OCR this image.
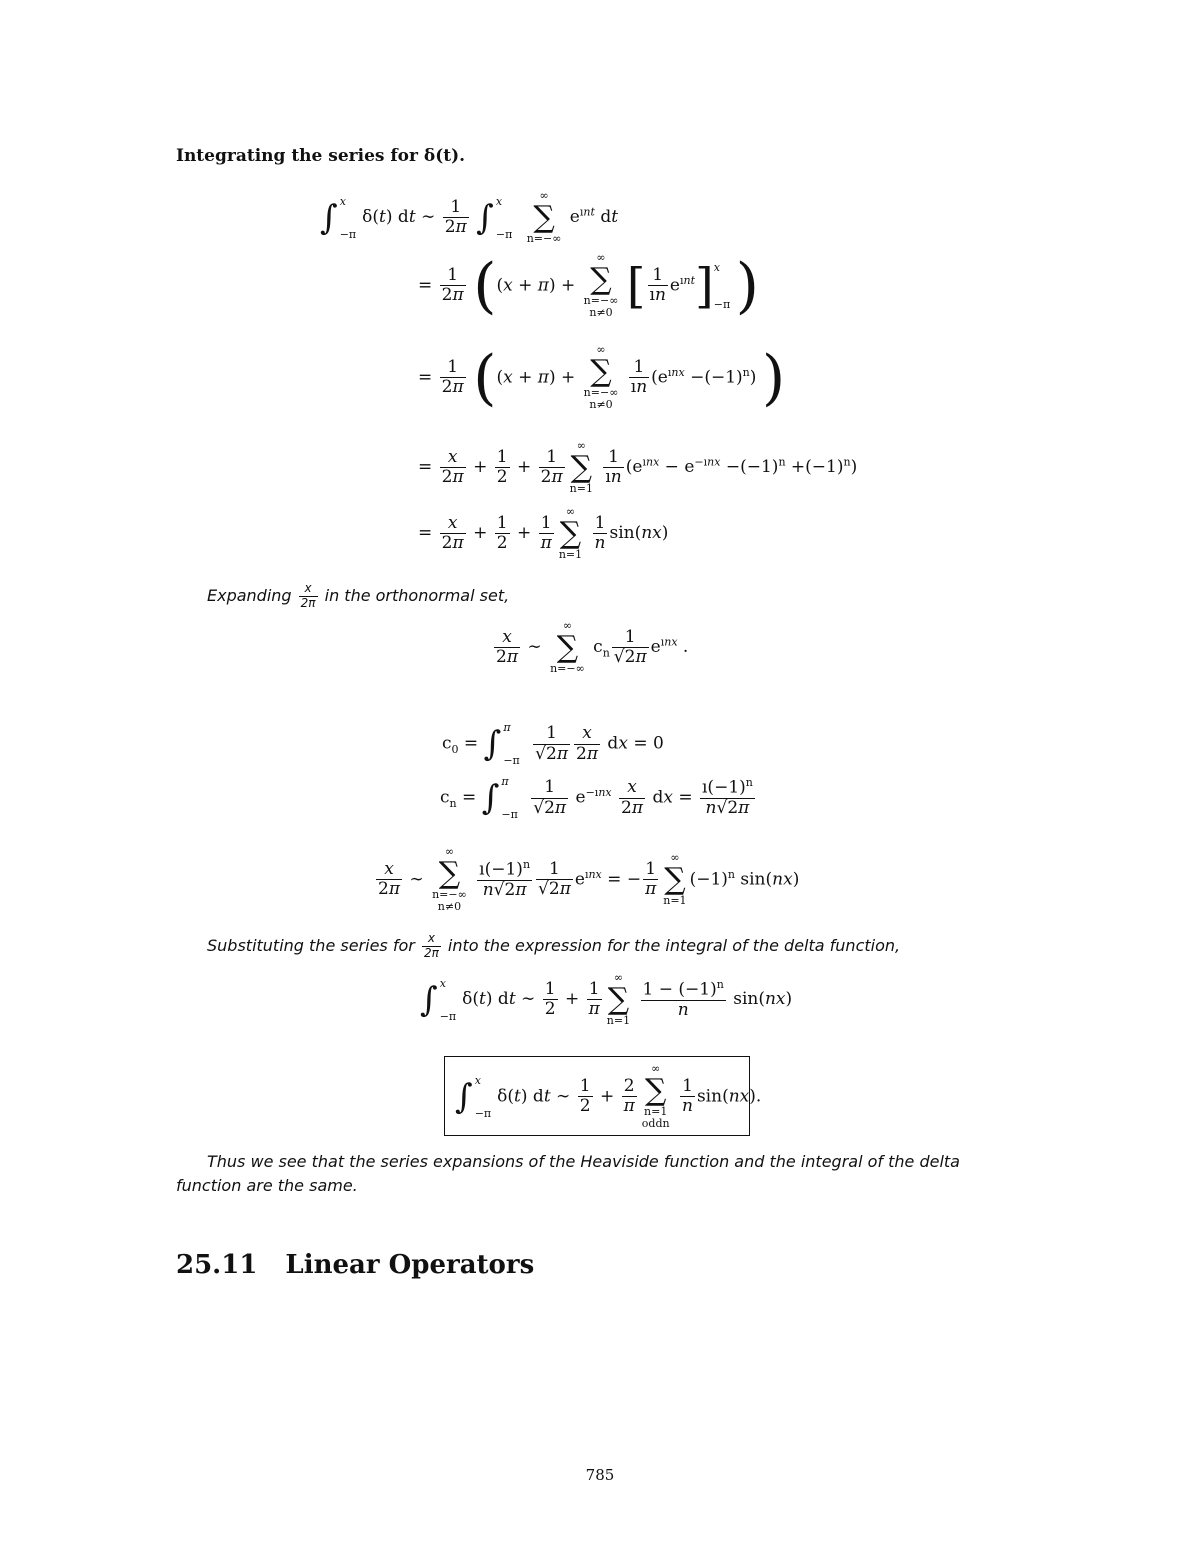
Integrating the series for δ(t).
∫ x
−π
δ(t) dt ∼ $\frac{1}{2\pi}$ ∫ x
−π

∞
∑
n=−∞
$e^{ınt}$ dt
= $\frac{1}{2\pi} ((x + \pi)$ +
∞
∑
n=−∞
n≠0 [ $\frac{1}{ın} e^{ınt}$] x
−π )
= $\frac{1}{2\pi} ((x + \pi)$ +
∞
∑
n=−∞
n≠0

$\frac{1}{ın} (e^{ınx} -(-1)^n)$ )
= $\frac{x}{2\pi} + \frac{1}{2} + \frac{1}{2\pi}$
∞
∑
n=1

$\frac{1}{ın} (e^{ınx} - e^{-ınx} -(-1)^n +(-1)^n)$
= $\frac{x}{2\pi} + \frac{1}{2} + \frac{1}{\pi}$
∞
∑
n=1

$\frac{1}{n} \sin(nx)$
Expanding $\frac{x}{2\pi}$ in the orthonormal set,
$\frac{x}{2\pi}$ ∼
∞
∑
n=−∞
$c_n \frac{1}{√2\pi} e^{ınx}$ .
$c_0$ = ∫ π
−π
$\frac{1}{√2\pi} \frac{x}{2\pi}$ dx = 0
$c_n$ = ∫ π
−π
$\frac{1}{√2\pi} e^{-ınx} \frac{x}{2\pi}$ dx = $\frac{ı(-1)^n}{n√2\pi}$
$\frac{x}{2\pi}$ ∼
∞
∑
n=−∞
n≠0

$\frac{ı(-1)^n}{n√2\pi} \frac{1}{√2\pi} e^{ınx}$ = − $\frac{1}{\pi}$
∞
∑
n=1
$(-1)^n$ sin(nx)
Substituting the series for $\frac{x}{2\pi}$ into the expression for the integral of the delta function,
∫ x
−π
δ(t) dt ∼ $\frac{1}{2} + \frac{1}{\pi}$
∞
∑
n=1
$\frac{1 - (-1)^n}{n} \sin(nx)$
∫ x
−π
δ(t) dt ∼ $\frac{1}{2} + \frac{2}{\pi}$
∞
∑
n=1
oddn

$\frac{1}{n} \sin(nx)$.
Thus we see that the series expansions of the Heaviside function and the integral of the delta function are the same.
25.11 Linear Operators
785
